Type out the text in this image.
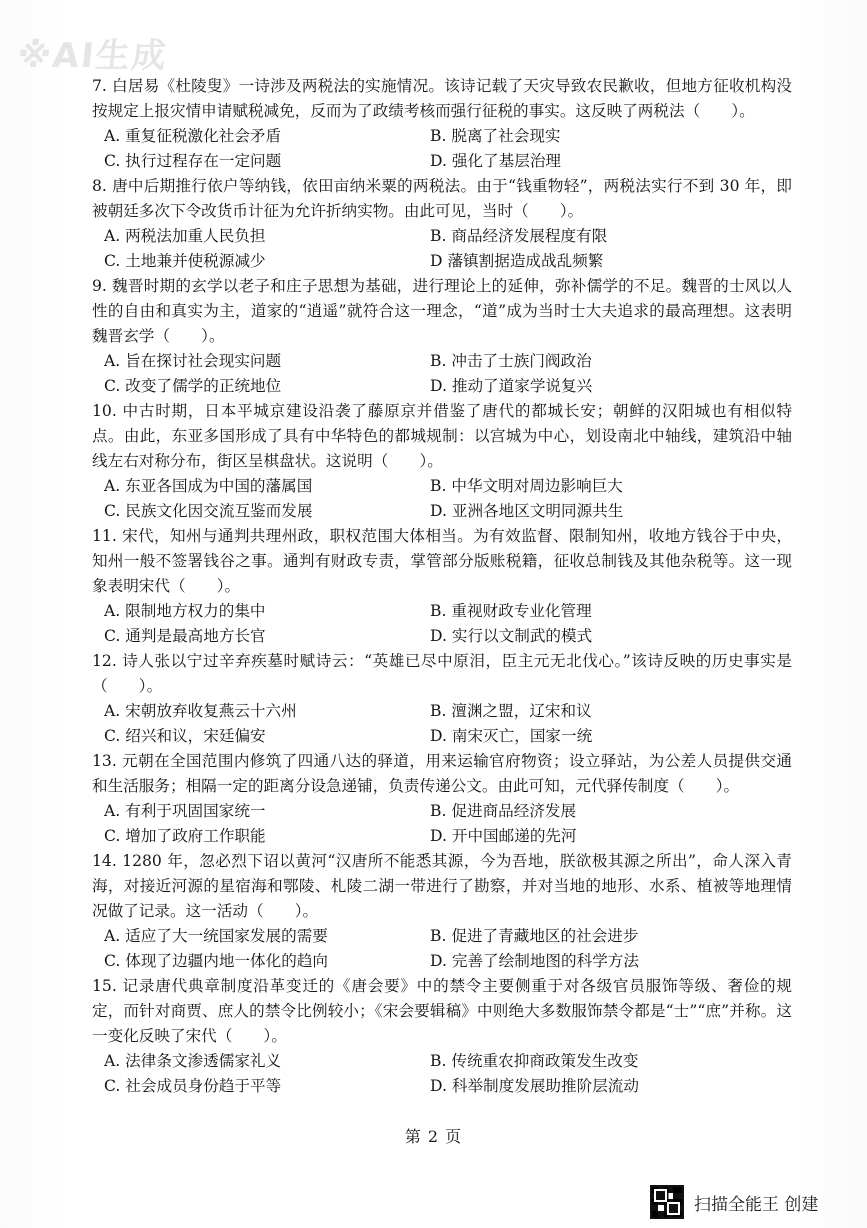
※AI生成

7. 白居易《杜陵叟》一诗涉及两税法的实施情况。该诗记载了天灾导致农民歉收，但地方征收机构没按规定上报灾情申请赋税减免，反而为了政绩考核而强行征税的事实。这反映了两税法（　　）。

A. 重复征税激化社会矛盾	B. 脱离了社会现实
C. 执行过程存在一定问题	D. 强化了基层治理

8. 唐中后期推行依户等纳钱，依田亩纳米粟的两税法。由于“钱重物轻”，两税法实行不到 30 年，即被朝廷多次下令改货币计征为允许折纳实物。由此可见，当时（　　）。

A. 两税法加重人民负担	B. 商品经济发展程度有限
C. 土地兼并使税源减少	D 藩镇割据造成战乱频繁

9. 魏晋时期的玄学以老子和庄子思想为基础，进行理论上的延伸，弥补儒学的不足。魏晋的士风以人性的自由和真实为主，道家的“逍遥”就符合这一理念，“道”成为当时士大夫追求的最高理想。这表明魏晋玄学（　　）。

A. 旨在探讨社会现实问题	B. 冲击了士族门阀政治
C. 改变了儒学的正统地位	D. 推动了道家学说复兴

10. 中古时期，日本平城京建设沿袭了藤原京并借鉴了唐代的都城长安；朝鲜的汉阳城也有相似特点。由此，东亚多国形成了具有中华特色的都城规制：以宫城为中心，划设南北中轴线，建筑沿中轴线左右对称分布，街区呈棋盘状。这说明（　　）。

A. 东亚各国成为中国的藩属国	B. 中华文明对周边影响巨大
C. 民族文化因交流互鉴而发展	D. 亚洲各地区文明同源共生

11. 宋代，知州与通判共理州政，职权范围大体相当。为有效监督、限制知州，收地方钱谷于中央，知州一般不签署钱谷之事。通判有财政专责，掌管部分版账税籍，征收总制钱及其他杂税等。这一现象表明宋代（　　）。

A. 限制地方权力的集中	B. 重视财政专业化管理
C. 通判是最高地方长官	D. 实行以文制武的模式

12. 诗人张以宁过辛弃疾墓时赋诗云：“英雄已尽中原泪，臣主元无北伐心。”该诗反映的历史事实是（　　）。

A. 宋朝放弃收复燕云十六州	B. 澶渊之盟，辽宋和议
C. 绍兴和议，宋廷偏安	D. 南宋灭亡，国家一统

13. 元朝在全国范围内修筑了四通八达的驿道，用来运输官府物资；设立驿站，为公差人员提供交通和生活服务；相隔一定的距离分设急递铺，负责传递公文。由此可知，元代驿传制度（　　）。

A. 有利于巩固国家统一	B. 促进商品经济发展
C. 增加了政府工作职能	D. 开中国邮递的先河

14. 1280 年，忽必烈下诏以黄河“汉唐所不能悉其源，今为吾地，朕欲极其源之所出”，命人深入青海，对接近河源的星宿海和鄂陵、札陵二湖一带进行了勘察，并对当地的地形、水系、植被等地理情况做了记录。这一活动（　　）。

A. 适应了大一统国家发展的需要	B. 促进了青藏地区的社会进步
C. 体现了边疆内地一体化的趋向	D. 完善了绘制地图的科学方法

15. 记录唐代典章制度沿革变迁的《唐会要》中的禁令主要侧重于对各级官员服饰等级、奢俭的规定，而针对商贾、庶人的禁令比例较小；《宋会要辑稿》中则绝大多数服饰禁令都是“士”“庶”并称。这一变化反映了宋代（　　）。

A. 法律条文渗透儒家礼义	B. 传统重农抑商政策发生改变
C. 社会成员身份趋于平等	D. 科举制度发展助推阶层流动
第 2 页
扫描全能王 创建
